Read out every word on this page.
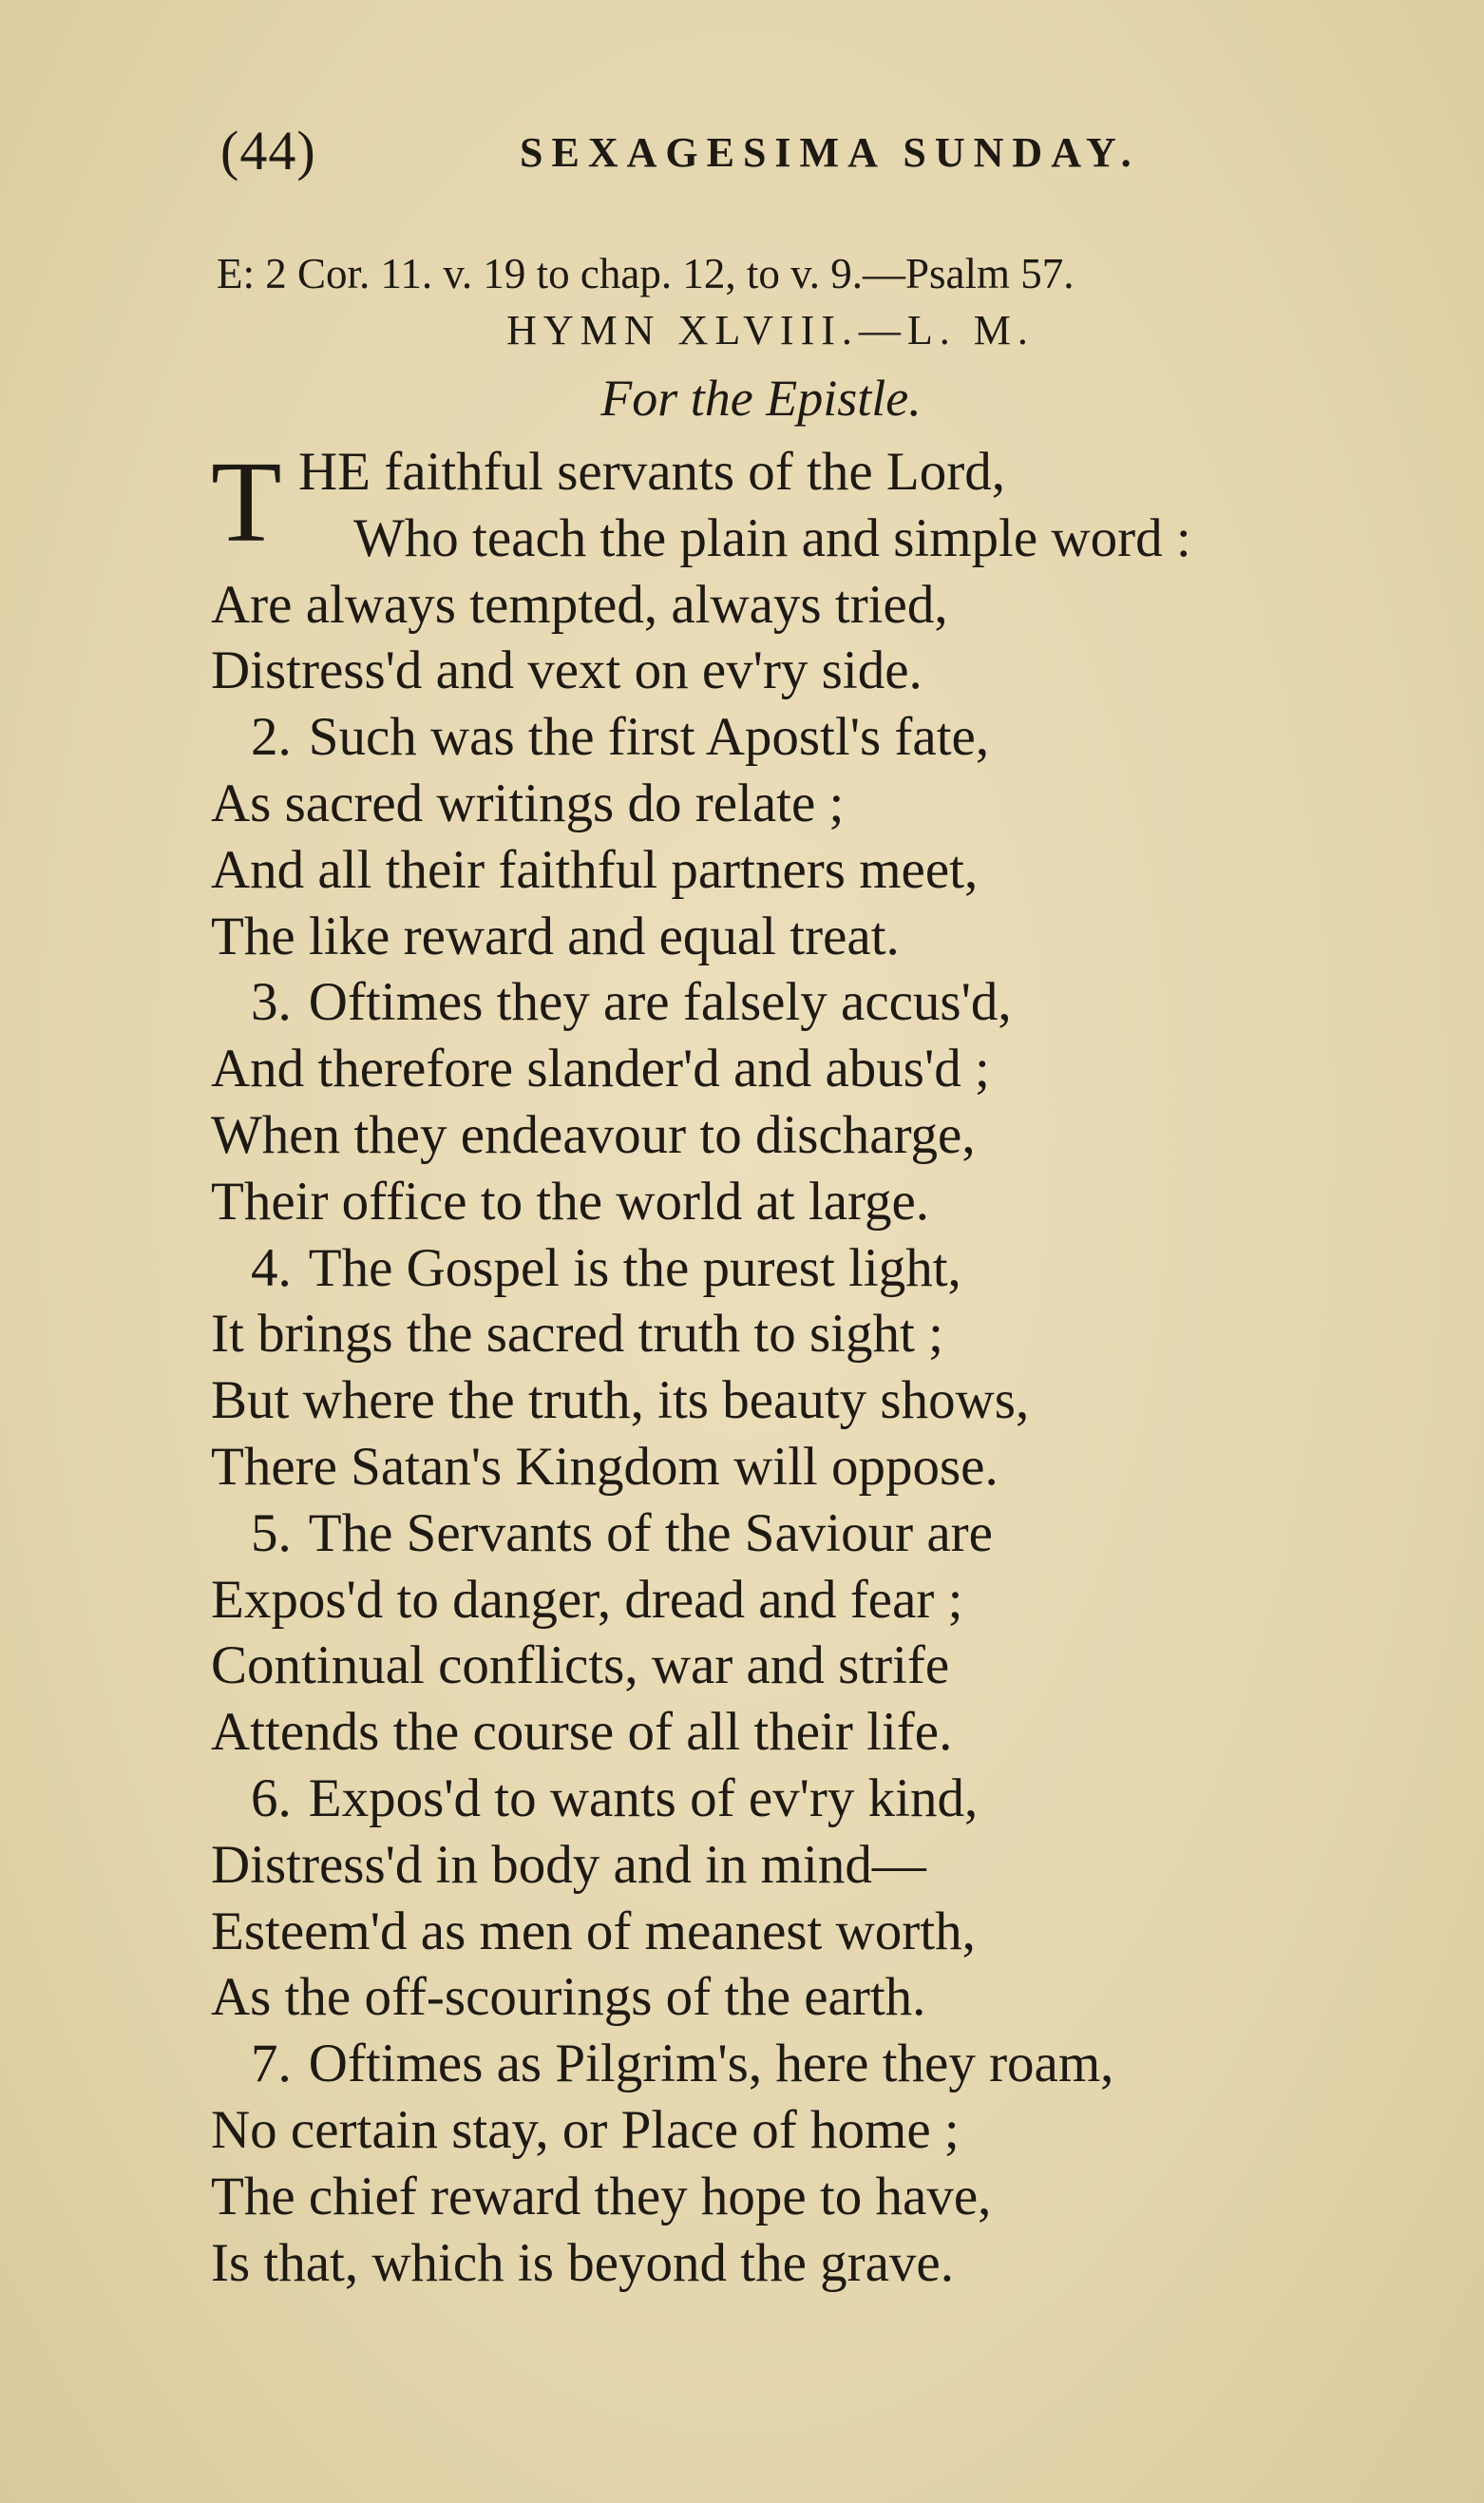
(44)	SEXAGESIMA SUNDAY.
E: 2 Cor. 11. v. 19 to chap. 12, to v. 9.—Psalm 57.
HYMN XLVIII.—L. M.
For the Epistle.
T HE faithful servants of the Lord,
Who teach the plain and simple word :
Are always tempted, always tried,
Distress'd and vext on ev'ry side.
2. Such was the first Apostl's fate,
As sacred writings do relate ;
And all their faithful partners meet,
The like reward and equal treat.
3. Oftimes they are falsely accus'd,
And therefore slander'd and abus'd ;
When they endeavour to discharge,
Their office to the world at large.
4. The Gospel is the purest light,
It brings the sacred truth to sight ;
But where the truth, its beauty shows,
There Satan's Kingdom will oppose.
5. The Servants of the Saviour are
Expos'd to danger, dread and fear ;
Continual conflicts, war and strife
Attends the course of all their life.
6. Expos'd to wants of ev'ry kind,
Distress'd in body and in mind—
Esteem'd as men of meanest worth,
As the off-scourings of the earth.
7. Oftimes as Pilgrim's, here they roam,
No certain stay, or Place of home ;
The chief reward they hope to have,
Is that, which is beyond the grave.
